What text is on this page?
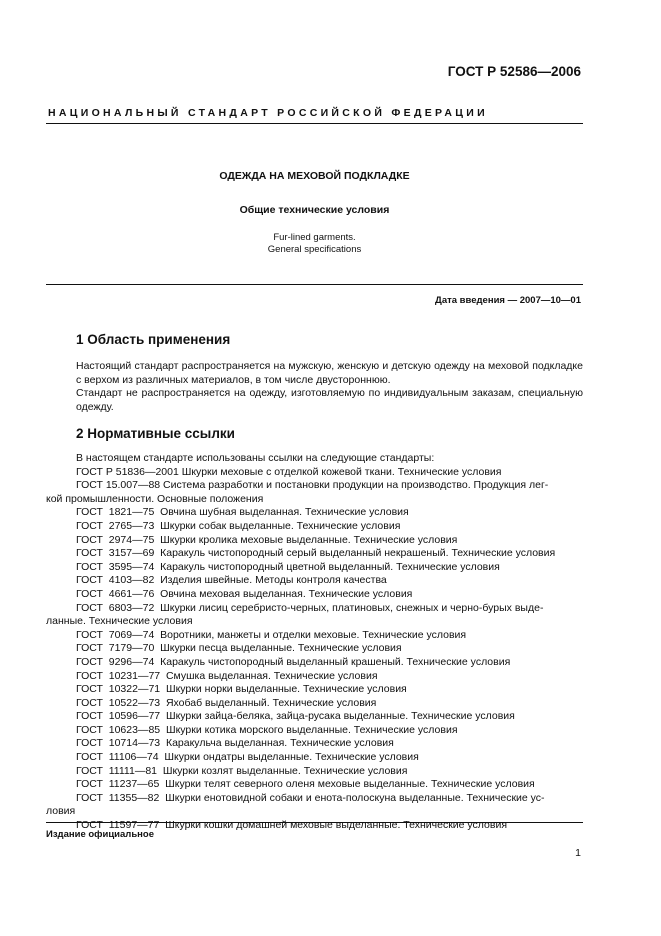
ГОСТ Р 52586—2006
НАЦИОНАЛЬНЫЙ СТАНДАРТ РОССИЙСКОЙ ФЕДЕРАЦИИ
ОДЕЖДА НА МЕХОВОЙ ПОДКЛАДКЕ
Общие технические условия
Fur-lined garments.
General specifications
Дата введения — 2007—10—01
1 Область применения
Настоящий стандарт распространяется на мужскую, женскую и детскую одежду на меховой подкладке с верхом из различных материалов, в том числе двустороннюю.
Стандарт не распространяется на одежду, изготовляемую по индивидуальным заказам, специальную одежду.
2 Нормативные ссылки
В настоящем стандарте использованы ссылки на следующие стандарты:
ГОСТ Р 51836—2001 Шкурки меховые с отделкой кожевой ткани. Технические условия
ГОСТ 15.007—88 Система разработки и постановки продукции на производство. Продукция лег-
кой промышленности. Основные положения
ГОСТ  1821—75  Овчина шубная выделанная. Технические условия
ГОСТ  2765—73  Шкурки собак выделанные. Технические условия
ГОСТ  2974—75  Шкурки кролика меховые выделанные. Технические условия
ГОСТ  3157—69  Каракуль чистопородный серый выделанный некрашеный. Технические условия
ГОСТ  3595—74  Каракуль чистопородный цветной выделанный. Технические условия
ГОСТ  4103—82  Изделия швейные. Методы контроля качества
ГОСТ  4661—76  Овчина меховая выделанная. Технические условия
ГОСТ  6803—72  Шкурки лисиц серебристо-черных, платиновых, снежных и черно-бурых выде-
ланные. Технические условия
ГОСТ  7069—74  Воротники, манжеты и отделки меховые. Технические условия
ГОСТ  7179—70  Шкурки песца выделанные. Технические условия
ГОСТ  9296—74  Каракуль чистопородный выделанный крашеный. Технические условия
ГОСТ  10231—77  Смушка выделанная. Технические условия
ГОСТ  10322—71  Шкурки норки выделанные. Технические условия
ГОСТ  10522—73  Яхобаб выделанный. Технические условия
ГОСТ  10596—77  Шкурки зайца-беляка, зайца-русака выделанные. Технические условия
ГОСТ  10623—85  Шкурки котика морского выделанные. Технические условия
ГОСТ  10714—73  Каракульча выделанная. Технические условия
ГОСТ  11106—74  Шкурки ондатры выделанные. Технические условия
ГОСТ  11111—81  Шкурки козлят выделанные. Технические условия
ГОСТ  11237—65  Шкурки телят северного оленя меховые выделанные. Технические условия
ГОСТ  11355—82  Шкурки енотовидной собаки и енота-полоскуна выделанные. Технические ус-
ловия
ГОСТ  11597—77  Шкурки кошки домашней меховые выделанные. Технические условия
Издание официальное
1
